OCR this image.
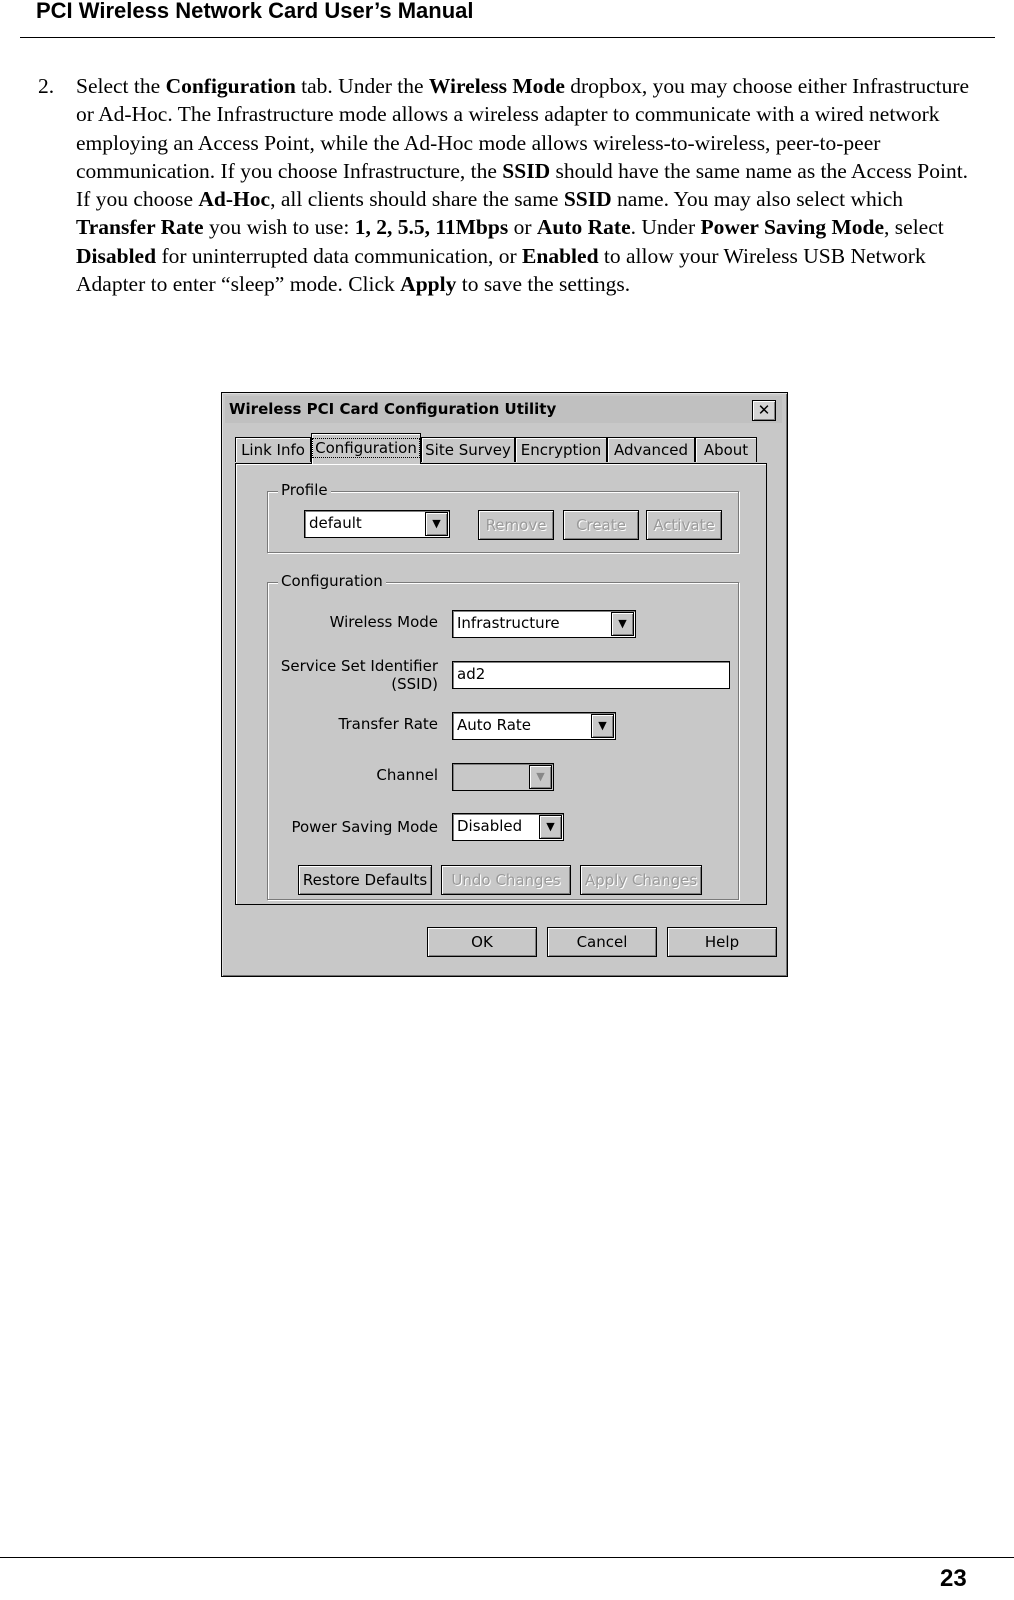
PCI Wireless Network Card User’s Manual
2. Select the Configuration tab. Under the Wireless Mode dropbox, you may choose either Infrastructure or Ad-Hoc. The Infrastructure mode allows a wireless adapter to communicate with a wired network employing an Access Point, while the Ad-Hoc mode allows wireless-to-wireless, peer-to-peer communication. If you choose Infrastructure, the SSID should have the same name as the Access Point. If you choose Ad-Hoc, all clients should share the same SSID name. You may also select which Transfer Rate you wish to use: 1, 2, 5.5, 11Mbps or Auto Rate. Under Power Saving Mode, select Disabled for uninterrupted data communication, or Enabled to allow your Wireless USB Network Adapter to enter “sleep” mode. Click Apply to save the settings.
Wireless PCI Card Configuration Utility	✕
Link Info Configuration Site Survey Encryption Advanced	About
Profile
default	▼	Remove	Create	Activate
Configuration
Wireless Mode Infrastructure	▼
Service Set Identifier
(SSID)
ad2
Transfer Rate Auto Rate	▼
Channel	▼
Power Saving Mode Disabled	▼
Restore Defaults	Undo Changes	Apply Changes
OK	Cancel	Help
23
